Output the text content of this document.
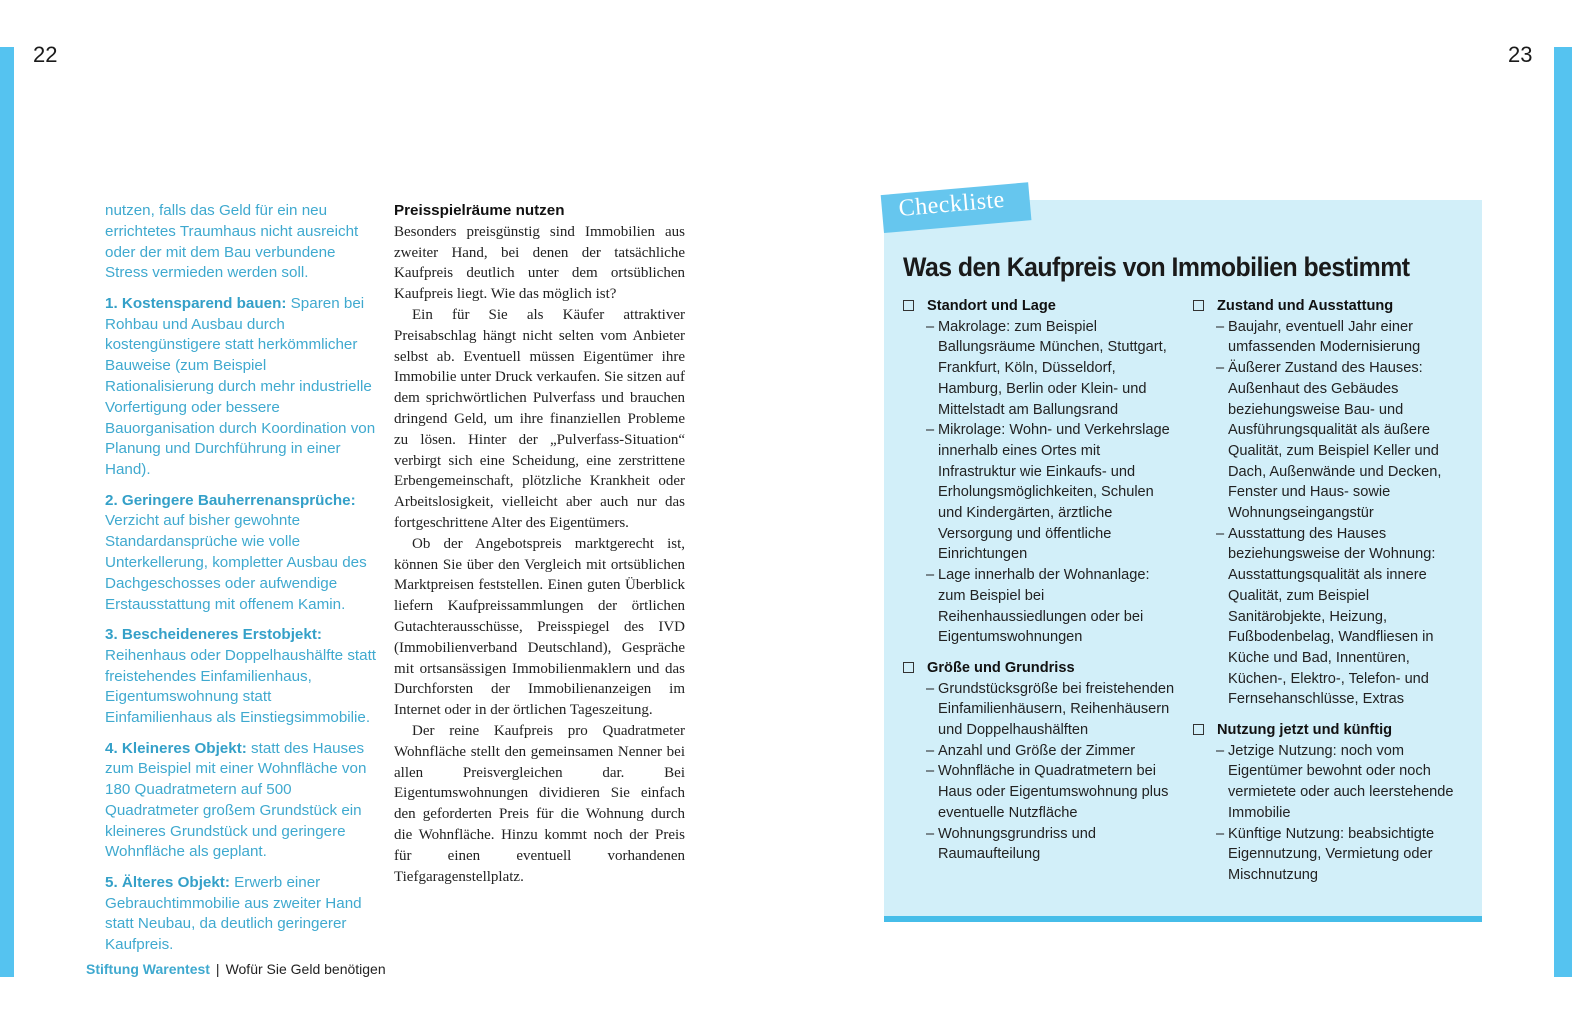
22	23

nutzen, falls das Geld für ein neu errichtetes Traumhaus nicht ausreicht oder der mit dem Bau verbundene Stress vermieden werden soll.

1. Kostensparend bauen: Sparen bei Rohbau und Ausbau durch kostengünstigere statt herkömmlicher Bauweise (zum Beispiel Rationalisierung durch mehr industrielle Vorfertigung oder bessere Bauorganisation durch Koordination von Planung und Durchführung in einer Hand).

2. Geringere Bauherrenansprüche: Verzicht auf bisher gewohnte Standardansprüche wie volle Unterkellerung, kompletter Ausbau des Dachgeschosses oder aufwendige Erstausstattung mit offenem Kamin.

3. Bescheideneres Erstobjekt: Reihenhaus oder Doppelhaushälfte statt freistehendes Einfamilienhaus, Eigentumswohnung statt Einfamilienhaus als Einstiegsimmobilie.

4. Kleineres Objekt: statt des Hauses zum Beispiel mit einer Wohnfläche von 180 Quadratmetern auf 500 Quadratmeter großem Grundstück ein kleineres Grundstück und geringere Wohnfläche als geplant.

5. Älteres Objekt: Erwerb einer Gebrauchtimmobilie aus zweiter Hand statt Neubau, da deutlich geringerer Kaufpreis.

Preisspielräume nutzen

Besonders preisgünstig sind Immobilien aus zweiter Hand, bei denen der tatsächliche Kaufpreis deutlich unter dem ortsüblichen Kaufpreis liegt. Wie das möglich ist?

Ein für Sie als Käufer attraktiver Preisabschlag hängt nicht selten vom Anbieter selbst ab. Eventuell müssen Eigentümer ihre Immobilie unter Druck verkaufen. Sie sitzen auf dem sprichwörtlichen Pulverfass und brauchen dringend Geld, um ihre finanziellen Probleme zu lösen. Hinter der „Pulverfass-Situation“ verbirgt sich eine Scheidung, eine zerstrittene Erbengemeinschaft, plötzliche Krankheit oder Arbeitslosigkeit, vielleicht aber auch nur das fortgeschrittene Alter des Eigentümers.

Ob der Angebotspreis marktgerecht ist, können Sie über den Vergleich mit ortsüblichen Marktpreisen feststellen. Einen guten Überblick liefern Kaufpreissammlungen der örtlichen Gutachterausschüsse, Preisspiegel des IVD (Immobilienverband Deutschland), Gespräche mit ortsansässigen Immobilienmaklern und das Durchforsten der Immobilienanzeigen im Internet oder in der örtlichen Tageszeitung.

Der reine Kaufpreis pro Quadratmeter Wohnfläche stellt den gemeinsamen Nenner bei allen Preisvergleichen dar. Bei Eigentumswohnungen dividieren Sie einfach den geforderten Preis für die Wohnung durch die Wohnfläche. Hinzu kommt noch der Preis für einen eventuell vorhandenen Tiefgaragenstellplatz.

Checkliste
Was den Kaufpreis von Immobilien bestimmt
Standort und Lage
– Makrolage: zum Beispiel Ballungsräume München, Stuttgart, Frankfurt, Köln, Düsseldorf, Hamburg, Berlin oder Klein- und Mittelstadt am Ballungsrand
– Mikrolage: Wohn- und Verkehrslage innerhalb eines Ortes mit Infrastruktur wie Einkaufs- und Erholungsmöglichkeiten, Schulen und Kindergärten, ärztliche Versorgung und öffentliche Einrichtungen
– Lage innerhalb der Wohnanlage: zum Beispiel bei Reihenhaussiedlungen oder bei Eigentumswohnungen
Größe und Grundriss
– Grundstücksgröße bei freistehenden Einfamilienhäusern, Reihenhäusern und Doppelhaushälften
– Anzahl und Größe der Zimmer
– Wohnfläche in Quadratmetern bei Haus oder Eigentumswohnung plus eventuelle Nutzfläche
– Wohnungsgrundriss und Raumaufteilung
Zustand und Ausstattung
– Baujahr, eventuell Jahr einer umfassenden Modernisierung
– Äußerer Zustand des Hauses: Außenhaut des Gebäudes beziehungsweise Bau- und Ausführungsqualität als äußere Qualität, zum Beispiel Keller und Dach, Außenwände und Decken, Fenster und Haus- sowie Wohnungseingangstür
– Ausstattung des Hauses beziehungsweise der Wohnung: Ausstattungsqualität als innere Qualität, zum Beispiel Sanitärobjekte, Heizung, Fußbodenbelag, Wandfliesen in Küche und Bad, Innentüren, Küchen-, Elektro-, Telefon- und Fernsehanschlüsse, Extras
Nutzung jetzt und künftig
– Jetzige Nutzung: noch vom Eigentümer bewohnt oder noch vermietete oder auch leerstehende Immobilie
– Künftige Nutzung: beabsichtigte Eigennutzung, Vermietung oder Mischnutzung
Stiftung Warentest | Wofür Sie Geld benötigen
